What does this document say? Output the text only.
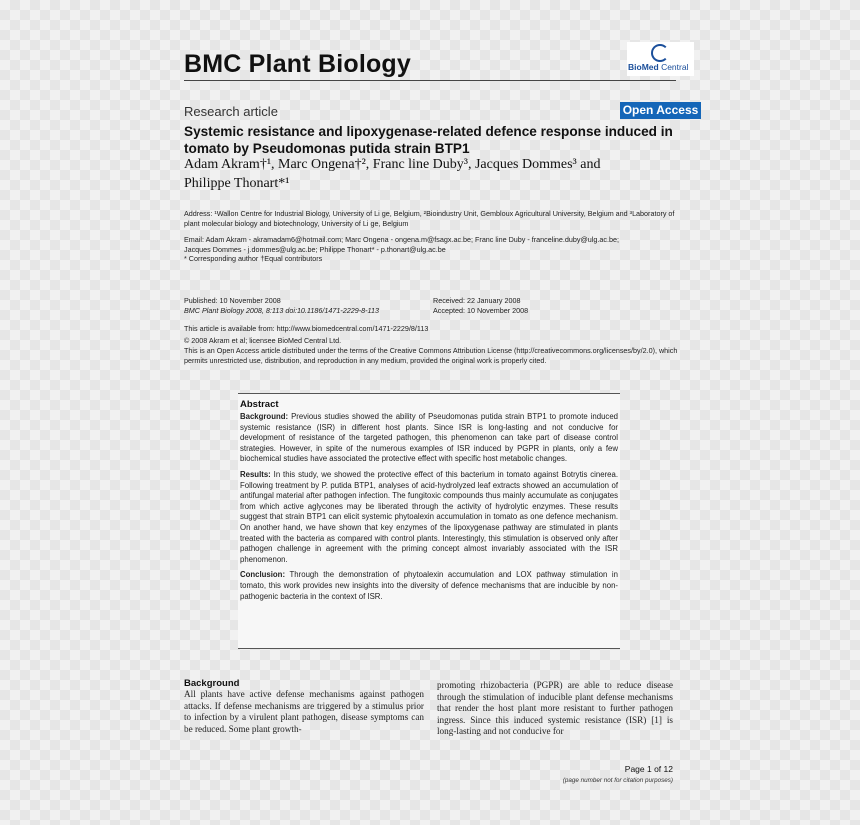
BMC Plant Biology	BioMed Central
Research article	Open Access
Systemic resistance and lipoxygenase-related defence response induced in tomato by Pseudomonas putida strain BTP1
Adam Akram†¹, Marc Ongena†², Franc line Duby³, Jacques Dommes³ and
Philippe Thonart*¹
Address: ¹Wallon Centre for Industrial Biology, University of Li ge, Belgium, ²Bioindustry Unit, Gembloux Agricultural University, Belgium and ³Laboratory of plant molecular biology and biotechnology, University of Li ge, Belgium
Email: Adam Akram - akramadam6@hotmail.com; Marc Ongena - ongena.m@fsagx.ac.be; Franc line Duby - franceline.duby@ulg.ac.be;
Jacques Dommes - j.dommes@ulg.ac.be; Philippe Thonart* - p.thonart@ulg.ac.be
* Corresponding author †Equal contributors
Published: 10 November 2008
BMC Plant Biology 2008, 8:113 doi:10.1186/1471-2229-8-113
Received: 22 January 2008
Accepted: 10 November 2008
This article is available from: http://www.biomedcentral.com/1471-2229/8/113
© 2008 Akram et al; licensee BioMed Central Ltd.
This is an Open Access article distributed under the terms of the Creative Commons Attribution License (http://creativecommons.org/licenses/by/2.0), which permits unrestricted use, distribution, and reproduction in any medium, provided the original work is properly cited.
Abstract

Background: Previous studies showed the ability of Pseudomonas putida strain BTP1 to promote induced systemic resistance (ISR) in different host plants. Since ISR is long-lasting and not conducive for development of resistance of the targeted pathogen, this phenomenon can take part of disease control strategies. However, in spite of the numerous examples of ISR induced by PGPR in plants, only a few biochemical studies have associated the protective effect with specific host metabolic changes.

Results: In this study, we showed the protective effect of this bacterium in tomato against Botrytis cinerea. Following treatment by P. putida BTP1, analyses of acid-hydrolyzed leaf extracts showed an accumulation of antifungal material after pathogen infection. The fungitoxic compounds thus mainly accumulate as conjugates from which active aglycones may be liberated through the activity of hydrolytic enzymes. These results suggest that strain BTP1 can elicit systemic phytoalexin accumulation in tomato as one defence mechanism. On another hand, we have shown that key enzymes of the lipoxygenase pathway are stimulated in plants treated with the bacteria as compared with control plants. Interestingly, this stimulation is observed only after pathogen challenge in agreement with the priming concept almost invariably associated with the ISR phenomenon.

Conclusion: Through the demonstration of phytoalexin accumulation and LOX pathway stimulation in tomato, this work provides new insights into the diversity of defence mechanisms that are inducible by non-pathogenic bacteria in the context of ISR.

Background
All plants have active defense mechanisms against pathogen attacks. If defense mechanisms are triggered by a stimulus prior to infection by a virulent plant pathogen, disease symptoms can be reduced. Some plant growth-
promoting rhizobacteria (PGPR) are able to reduce disease through the stimulation of inducible plant defense mechanisms that render the host plant more resistant to further pathogen ingress. Since this induced systemic resistance (ISR) [1] is long-lasting and not conducive for
Page 1 of 12
(page number not for citation purposes)
